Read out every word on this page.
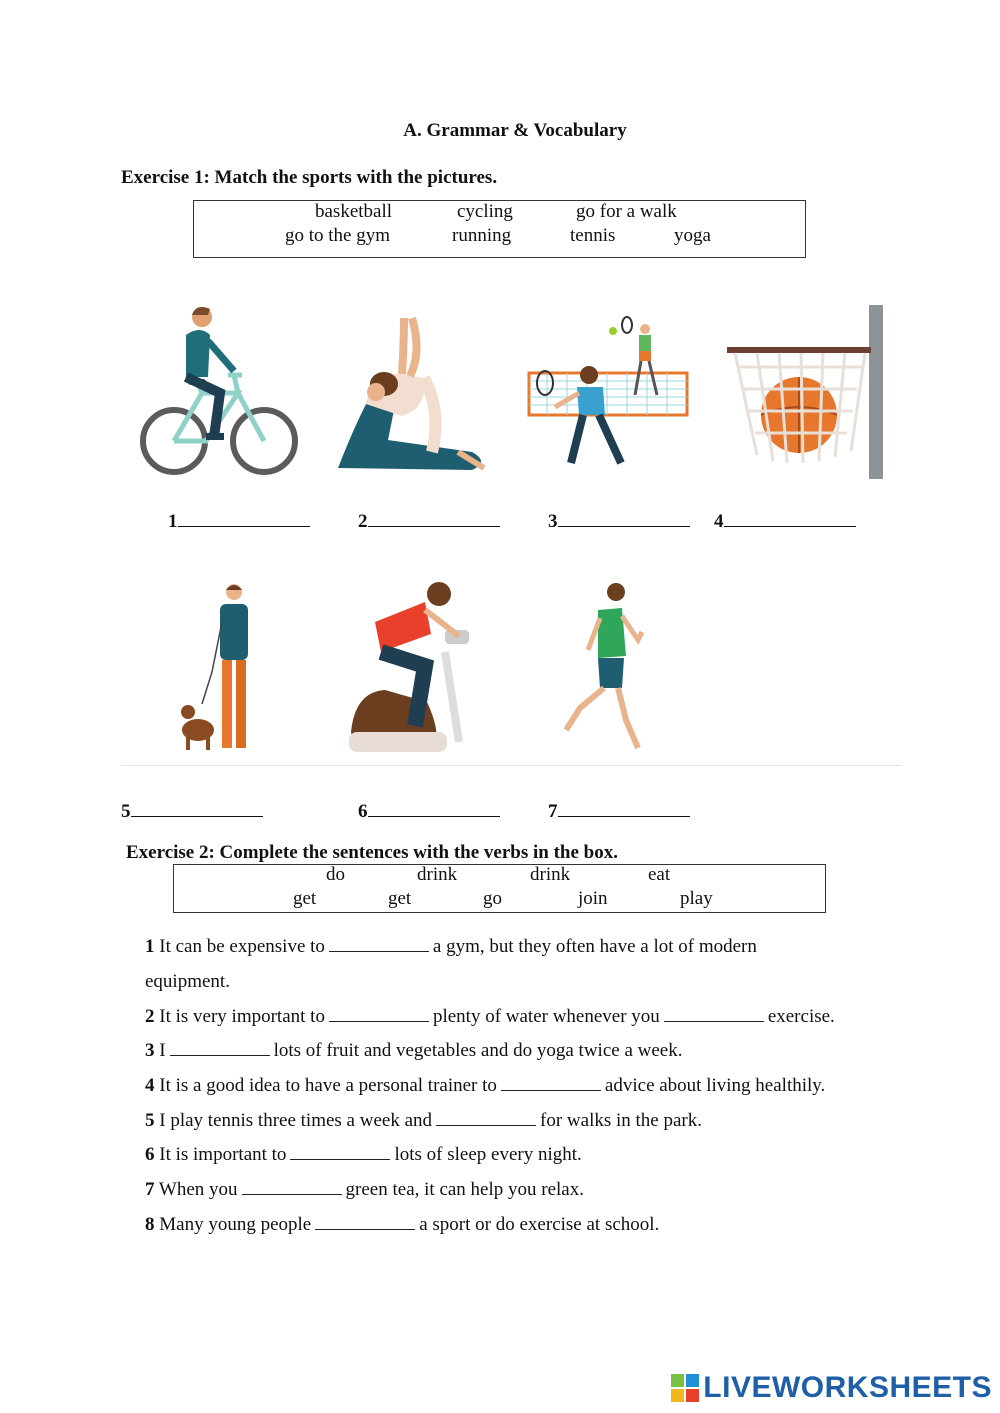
A. Grammar & Vocabulary
Exercise 1: Match the sports with the pictures.
basketball	cycling	go for a walk
go to the gym	running	tennis	yoga
1	2	3	4
5	6	7
Exercise 2: Complete the sentences with the verbs in the box.
do	drink	drink	eat
get	get	go	join	play
1 It can be expensive to	a gym, but they often have a lot of modern
equipment.
2 It is very important to	plenty of water whenever you	exercise.
3 I	lots of fruit and vegetables and do yoga twice a week.
4 It is a good idea to have a personal trainer to	advice about living healthily.
5 I play tennis three times a week and	for walks in the park.
6 It is important to	lots of sleep every night.
7 When you	green tea, it can help you relax.
8 Many young people	a sport or do exercise at school.
LIVEWORKSHEETS
